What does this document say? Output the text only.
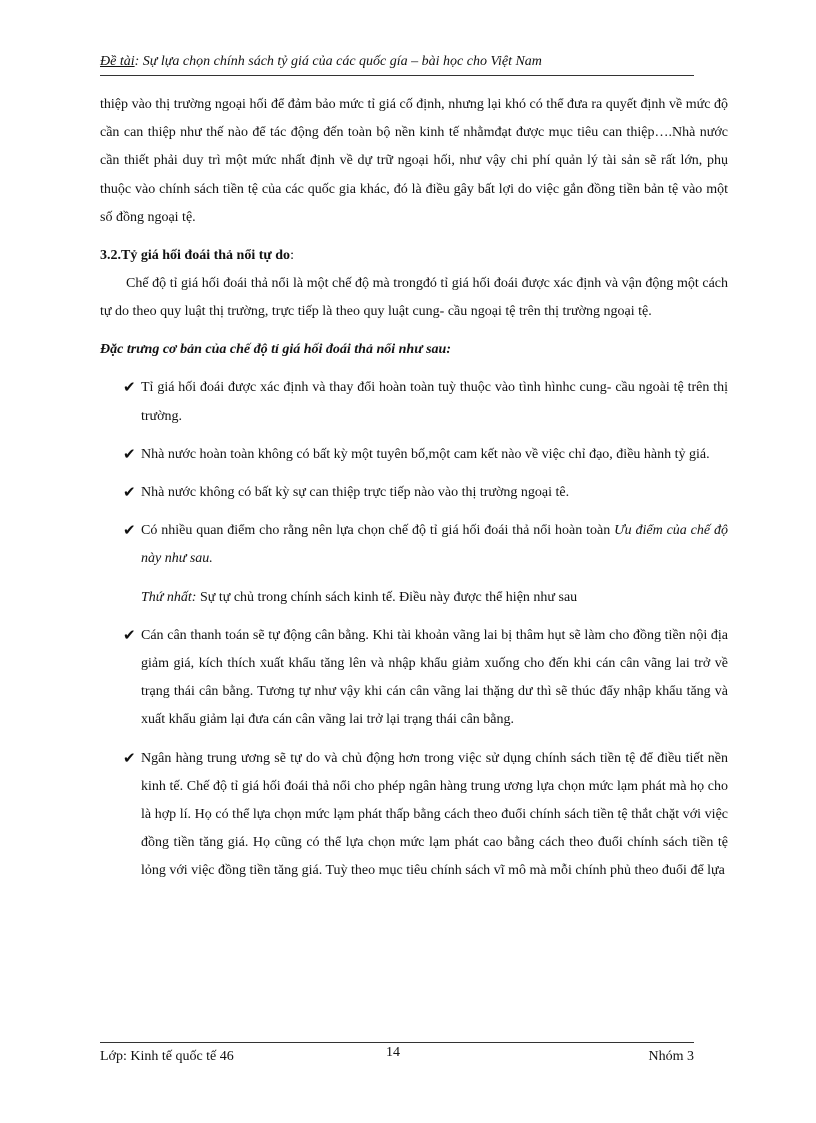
Đề tài: Sự lựa chọn chính sách tỷ giá của các quốc gía – bài học cho Việt Nam

thiệp vào thị trường ngoại hối để đảm bảo mức tỉ giá cố định, nhưng lại khó có thể đưa ra quyết định về mức độ cần can thiệp như thế nào để tác động đến toàn bộ nền kinh tế nhằmđạt được mục tiêu can thiệp….Nhà nước cần thiết phải duy trì một mức nhất định về dự trữ ngoại hối, như vậy chi phí quản lý tài sản sẽ rất lớn, phụ thuộc vào chính sách tiền tệ của các quốc gia khác, đó là điều gây bất lợi do việc gắn đồng tiền bản tệ vào một số đồng ngoại tệ.

3.2.Tỷ giá hối đoái thả nổi tự do:

Chế độ tỉ giá hối đoái thả nổi là một chế độ mà trongđó tỉ giá hối đoái được xác định và vận động một cách tự do theo quy luật thị trường, trực tiếp là theo quy luật cung- cầu ngoại tệ trên thị trường ngoại tệ.

Đặc trưng cơ bản của chế độ tỉ giá hối đoái thả nổi như sau:
✔ Tỉ giá hối đoái được xác định và thay đổi hoàn toàn tuỳ thuộc vào tình hìnhc cung- cầu ngoài tệ trên thị trường.

✔ Nhà nước hoàn toàn không có bất kỳ một tuyên bố,một cam kết nào về việc chỉ đạo, điều hành tỷ giá.

✔ Nhà nước không có bất kỳ sự can thiệp trực tiếp nào vào thị trường ngoại tê.

✔ Có nhiều quan điểm cho rằng nên lựa chọn chế độ tỉ giá hối đoái thả nổi hoàn toàn Ưu điểm của chế độ này như sau.

Thứ nhất: Sự tự chủ trong chính sách kinh tế. Điều này được thể hiện như sau

✔ Cán cân thanh toán sẽ tự động cân bằng. Khi tài khoản vãng lai bị thâm hụt sẽ làm cho đồng tiền nội địa giảm giá, kích thích xuất khẩu tăng lên và nhập khẩu giảm xuống cho đến khi cán cân vãng lai trở về trạng thái cân bằng. Tương tự như vậy khi cán cân vãng lai thặng dư thì sẽ thúc đẩy nhập khẩu tăng và xuất khẩu giảm lại đưa cán cân vãng lai trở lại trạng thái cân bằng.

✔ Ngân hàng trung ương sẽ tự do và chủ động hơn trong việc sử dụng chính sách tiền tệ để điều tiết nền kinh tế. Chế độ tỉ giá hối đoái thả nổi cho phép ngân hàng trung ương lựa chọn mức lạm phát mà họ cho là hợp lí. Họ có thể lựa chọn mức lạm phát thấp bằng cách theo đuổi chính sách tiền tệ thắt chặt với việc đồng tiền tăng giá. Họ cũng có thể lựa chọn mức lạm phát cao bằng cách theo đuổi chính sách tiền tệ lỏng với việc đồng tiền tăng giá. Tuỳ theo mục tiêu chính sách vĩ mô mà mỗi chính phủ theo đuổi để lựa

Lớp: Kinh tế quốc tế 46	14	Nhóm 3
